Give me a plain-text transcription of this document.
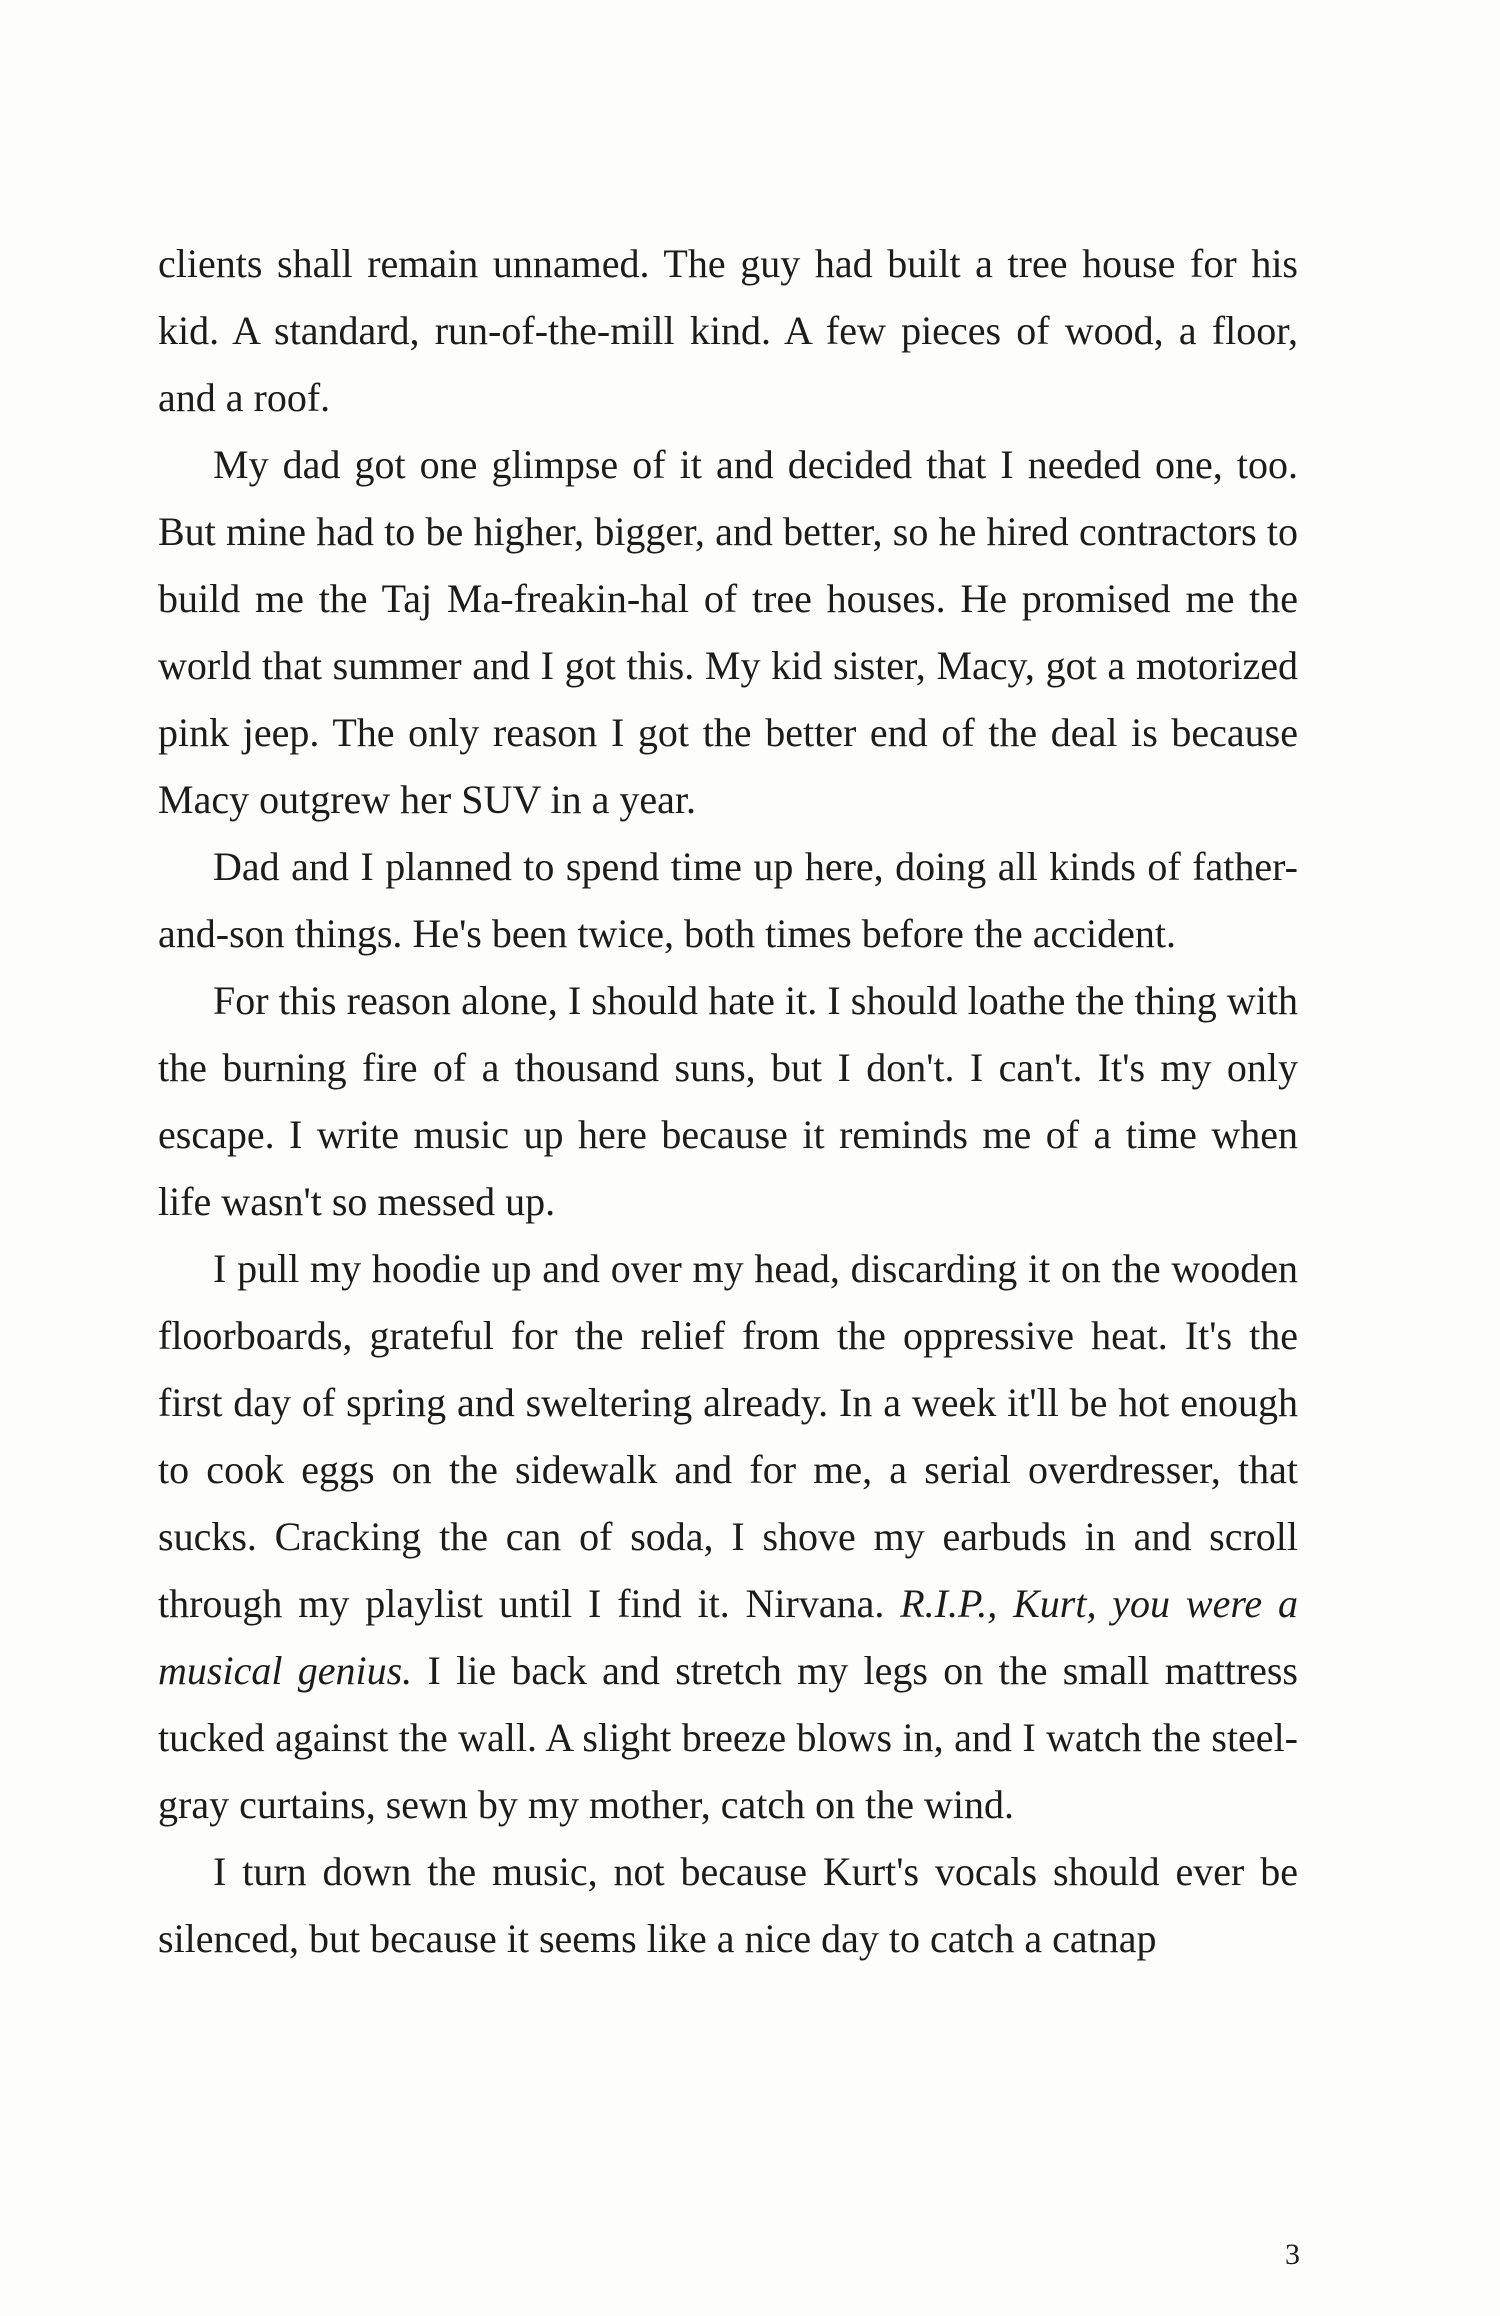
clients shall remain unnamed. The guy had built a tree house for his kid. A standard, run-of-the-mill kind. A few pieces of wood, a floor, and a roof.

My dad got one glimpse of it and decided that I needed one, too. But mine had to be higher, bigger, and better, so he hired contractors to build me the Taj Ma-freakin-hal of tree houses. He promised me the world that summer and I got this. My kid sister, Macy, got a motorized pink jeep. The only reason I got the better end of the deal is because Macy outgrew her SUV in a year.

Dad and I planned to spend time up here, doing all kinds of father-and-son things. He's been twice, both times before the accident.

For this reason alone, I should hate it. I should loathe the thing with the burning fire of a thousand suns, but I don't. I can't. It's my only escape. I write music up here because it reminds me of a time when life wasn't so messed up.

I pull my hoodie up and over my head, discarding it on the wooden floorboards, grateful for the relief from the oppressive heat. It's the first day of spring and sweltering already. In a week it'll be hot enough to cook eggs on the sidewalk and for me, a serial overdresser, that sucks. Cracking the can of soda, I shove my earbuds in and scroll through my playlist until I find it. Nirvana. R.I.P., Kurt, you were a musical genius. I lie back and stretch my legs on the small mattress tucked against the wall. A slight breeze blows in, and I watch the steel-gray curtains, sewn by my mother, catch on the wind.

I turn down the music, not because Kurt's vocals should ever be silenced, but because it seems like a nice day to catch a catnap

3
